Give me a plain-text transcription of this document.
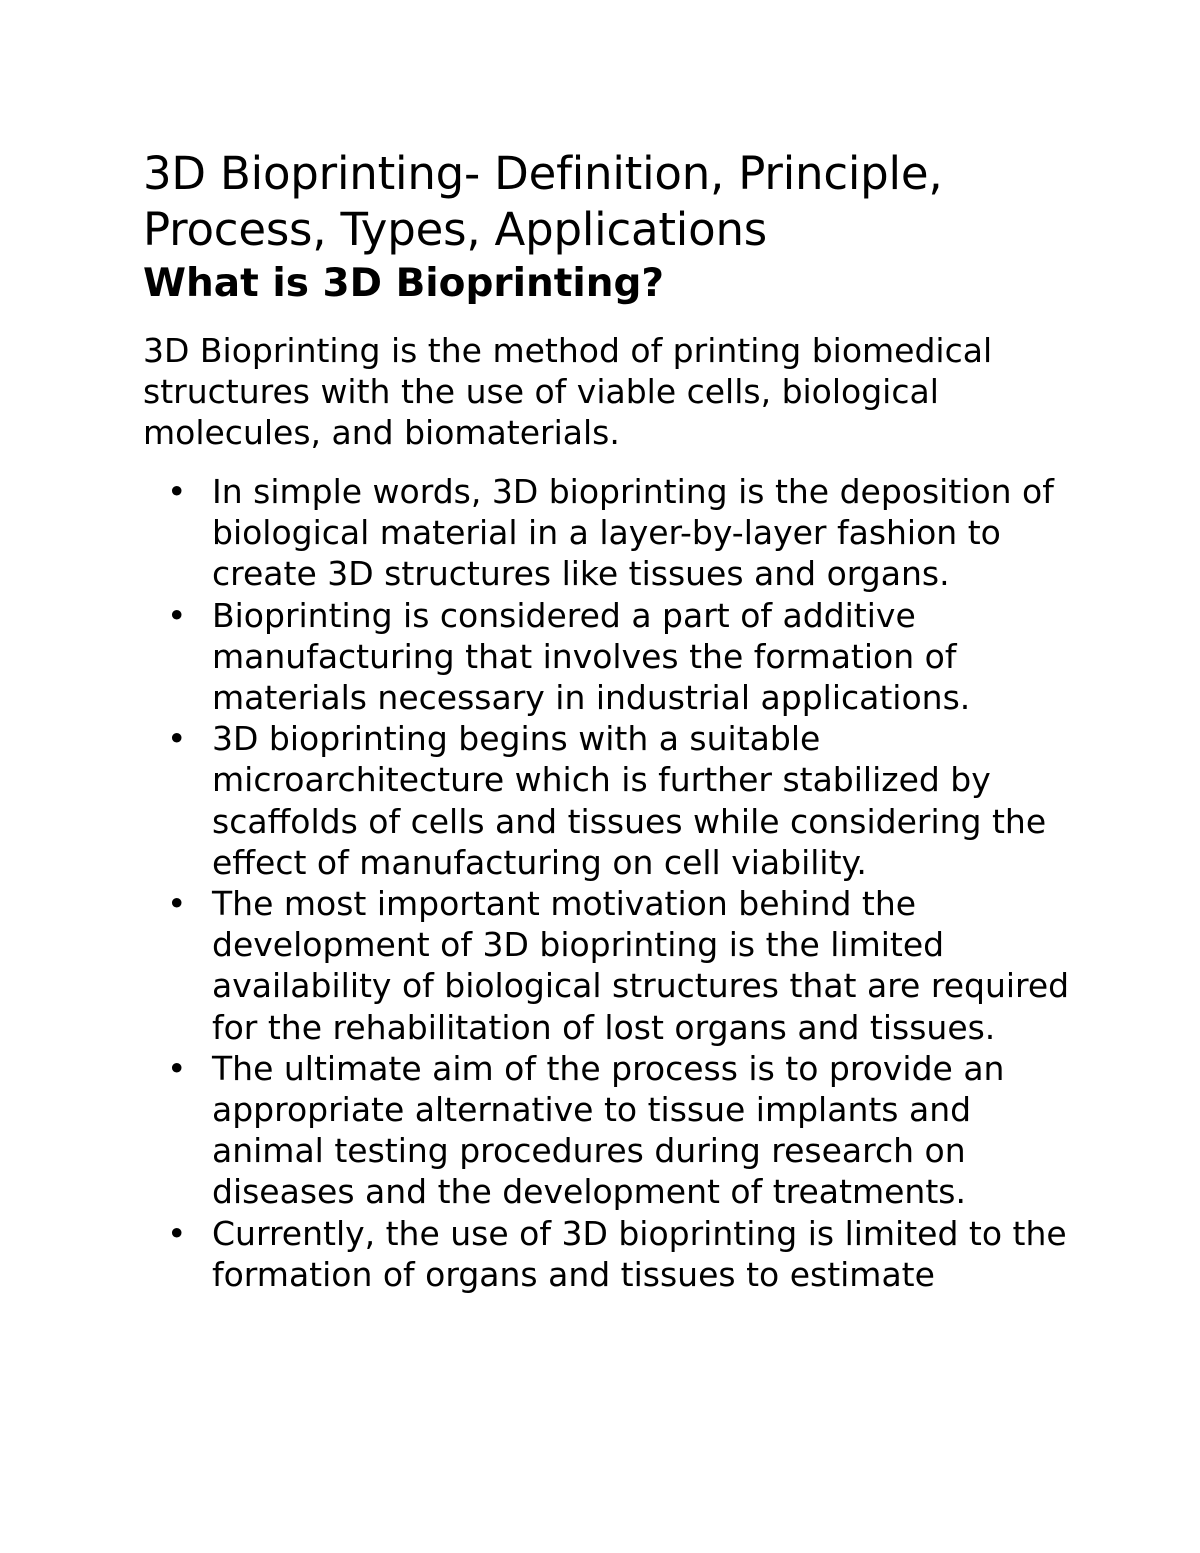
3D Bioprinting- Definition, Principle, Process, Types, Applications
What is 3D Bioprinting?

3D Bioprinting is the method of printing biomedical structures with the use of viable cells, biological molecules, and biomaterials.

• In simple words, 3D bioprinting is the deposition of biological material in a layer-by-layer fashion to create 3D structures like tissues and organs.
• Bioprinting is considered a part of additive manufacturing that involves the formation of materials necessary in industrial applications.
• 3D bioprinting begins with a suitable microarchitecture which is further stabilized by scaffolds of cells and tissues while considering the effect of manufacturing on cell viability.
• The most important motivation behind the development of 3D bioprinting is the limited availability of biological structures that are required for the rehabilitation of lost organs and tissues.
• The ultimate aim of the process is to provide an appropriate alternative to tissue implants and animal testing procedures during research on diseases and the development of treatments.
• Currently, the use of 3D bioprinting is limited to the formation of organs and tissues to estimate
